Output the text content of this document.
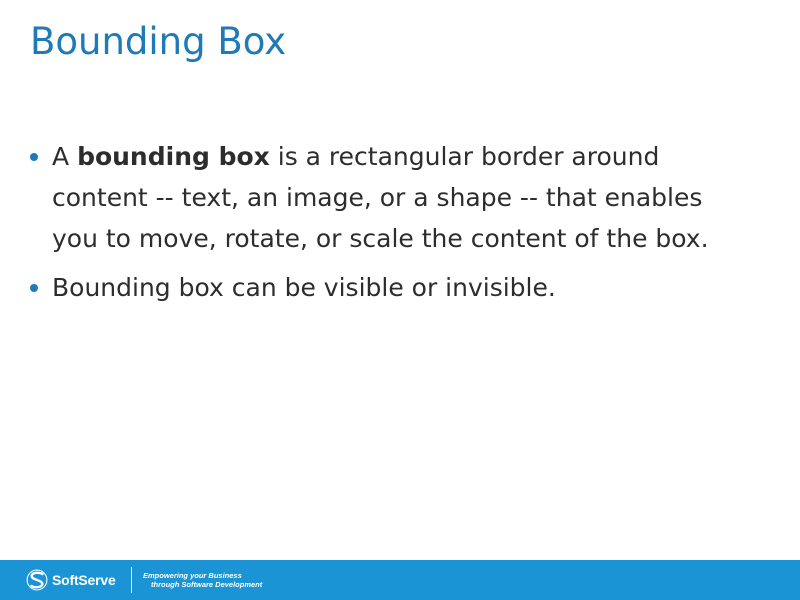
Bounding Box
A bounding box is a rectangular border around content -- text, an image, or a shape -- that enables you to move, rotate, or scale the content of the box.
Bounding box can be visible or invisible.
SoftServe	Empowering your Business
through Software Development
